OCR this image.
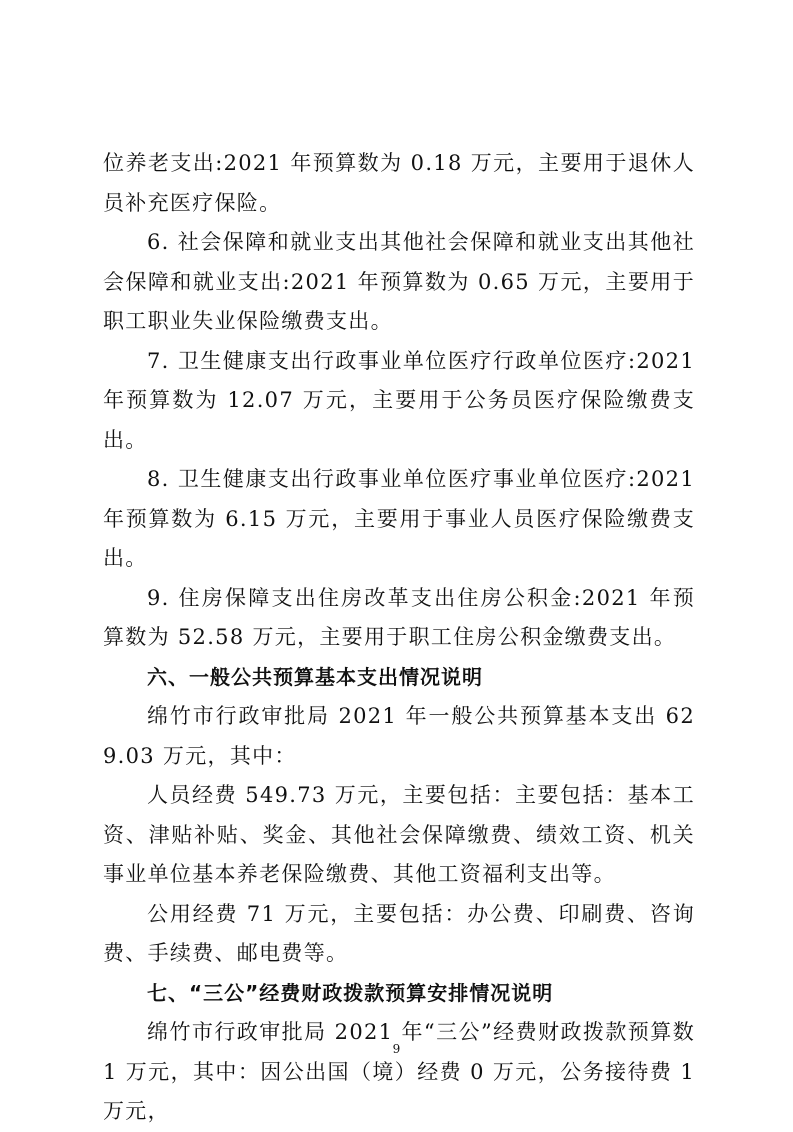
位养老支出:2021 年预算数为 0.18 万元，主要用于退休人员补充医疗保险。

6. 社会保障和就业支出其他社会保障和就业支出其他社会保障和就业支出:2021 年预算数为 0.65 万元，主要用于职工职业失业保险缴费支出。

7. 卫生健康支出行政事业单位医疗行政单位医疗:2021 年预算数为 12.07 万元，主要用于公务员医疗保险缴费支出。

8. 卫生健康支出行政事业单位医疗事业单位医疗:2021 年预算数为 6.15 万元，主要用于事业人员医疗保险缴费支出。

9. 住房保障支出住房改革支出住房公积金:2021 年预算数为 52.58 万元，主要用于职工住房公积金缴费支出。

六、一般公共预算基本支出情况说明

绵竹市行政审批局 2021 年一般公共预算基本支出 629.03 万元，其中：

人员经费 549.73 万元，主要包括：主要包括：基本工资、津贴补贴、奖金、其他社会保障缴费、绩效工资、机关事业单位基本养老保险缴费、其他工资福利支出等。

公用经费 71 万元，主要包括：办公费、印刷费、咨询费、手续费、邮电费等。

七、“三公”经费财政拨款预算安排情况说明

绵竹市行政审批局 2021 年“三公”经费财政拨款预算数 1 万元，其中：因公出国（境）经费 0 万元，公务接待费 1 万元，

9
